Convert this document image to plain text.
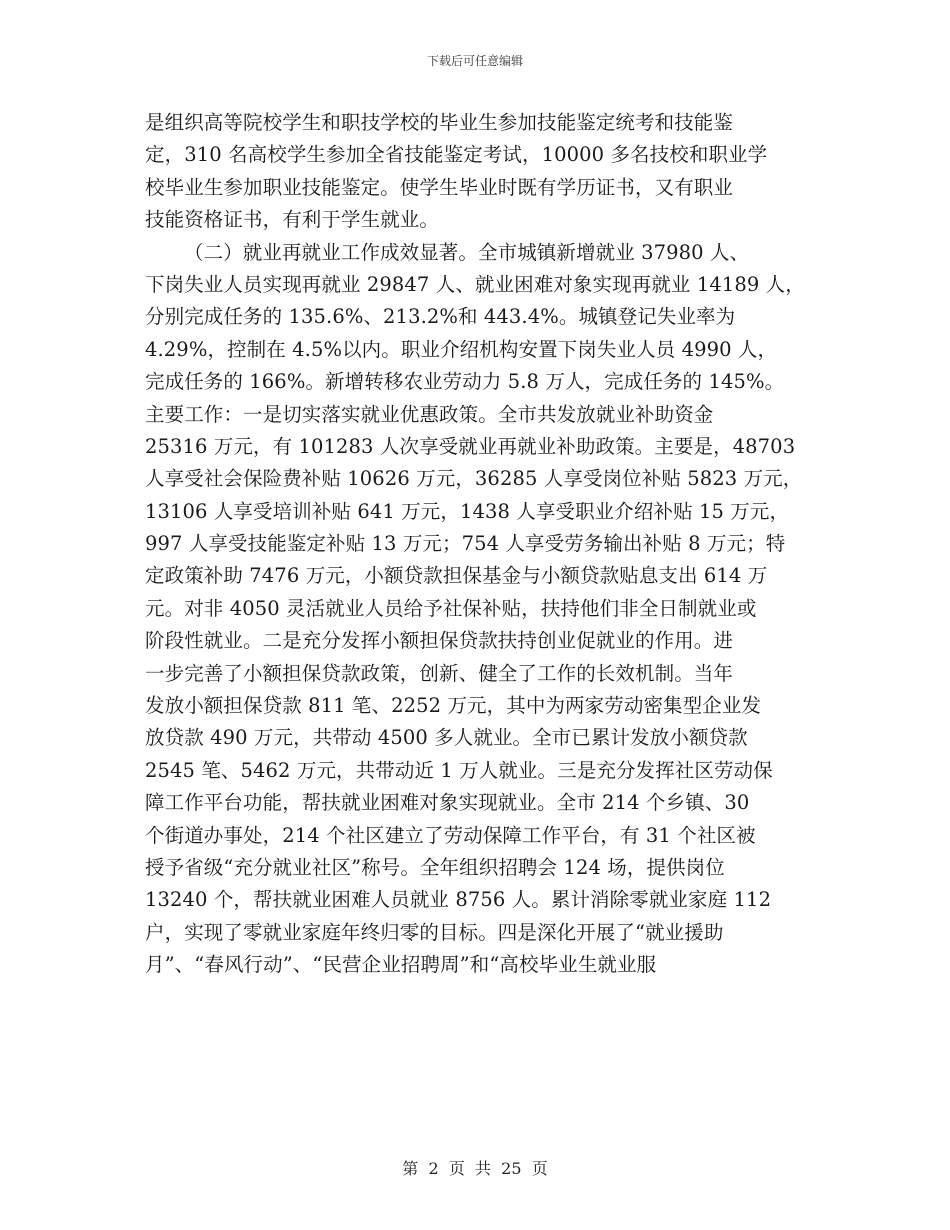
下载后可任意编辑
是组织高等院校学生和职技学校的毕业生参加技能鉴定统考和技能鉴
定，310 名高校学生参加全省技能鉴定考试，10000 多名技校和职业学
校毕业生参加职业技能鉴定。使学生毕业时既有学历证书，又有职业
技能资格证书，有利于学生就业。
（二）就业再就业工作成效显著。全市城镇新增就业 37980 人、
下岗失业人员实现再就业 29847 人、就业困难对象实现再就业 14189 人，
分别完成任务的 135.6%、213.2%和 443.4%。城镇登记失业率为
4.29%，控制在 4.5%以内。职业介绍机构安置下岗失业人员 4990 人，
完成任务的 166%。新增转移农业劳动力 5.8 万人，完成任务的 145%。
主要工作：一是切实落实就业优惠政策。全市共发放就业补助资金
25316 万元，有 101283 人次享受就业再就业补助政策。主要是，48703
人享受社会保险费补贴 10626 万元，36285 人享受岗位补贴 5823 万元，
13106 人享受培训补贴 641 万元，1438 人享受职业介绍补贴 15 万元，
997 人享受技能鉴定补贴 13 万元；754 人享受劳务输出补贴 8 万元；特
定政策补助 7476 万元，小额贷款担保基金与小额贷款贴息支出 614 万
元。对非 4050 灵活就业人员给予社保补贴，扶持他们非全日制就业或
阶段性就业。二是充分发挥小额担保贷款扶持创业促就业的作用。进
一步完善了小额担保贷款政策，创新、健全了工作的长效机制。当年
发放小额担保贷款 811 笔、2252 万元，其中为两家劳动密集型企业发
放贷款 490 万元，共带动 4500 多人就业。全市已累计发放小额贷款
2545 笔、5462 万元，共带动近 1 万人就业。三是充分发挥社区劳动保
障工作平台功能，帮扶就业困难对象实现就业。全市 214 个乡镇、30
个街道办事处，214 个社区建立了劳动保障工作平台，有 31 个社区被
授予省级“充分就业社区”称号。全年组织招聘会 124 场，提供岗位
13240 个，帮扶就业困难人员就业 8756 人。累计消除零就业家庭 112
户，实现了零就业家庭年终归零的目标。四是深化开展了“就业援助
月”、“春风行动”、“民营企业招聘周”和“高校毕业生就业服
第  2  页  共  25  页
